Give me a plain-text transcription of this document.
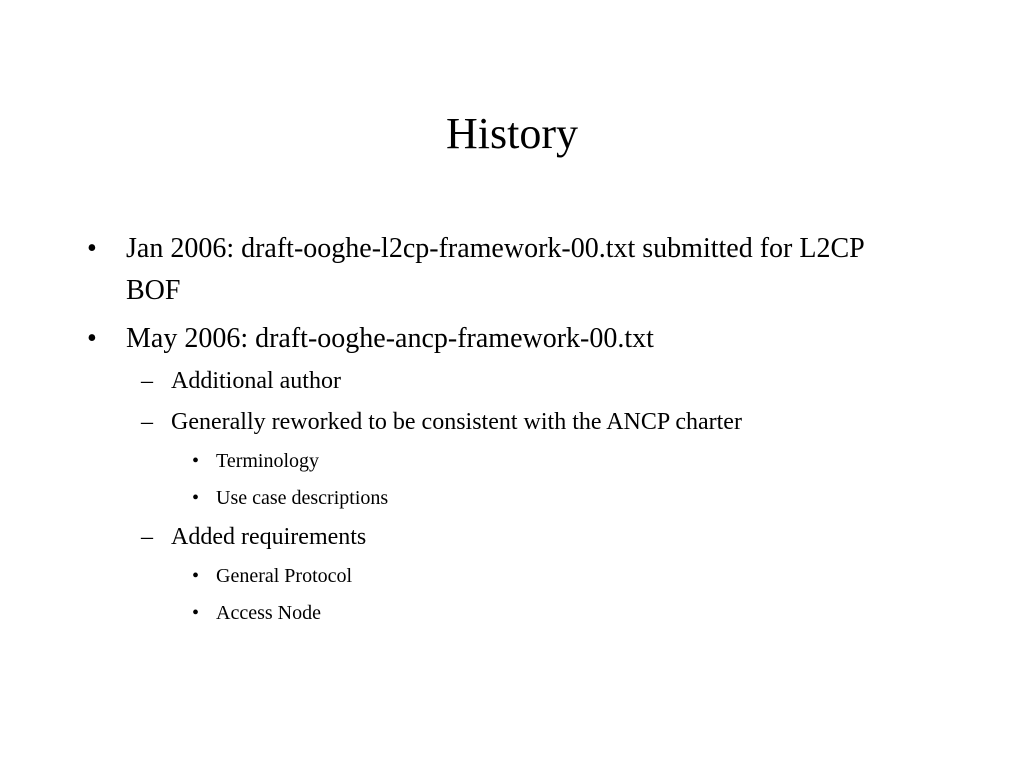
History
• Jan 2006: draft-ooghe-l2cp-framework-00.txt submitted for L2CP BOF
• May 2006: draft-ooghe-ancp-framework-00.txt
– Additional author
– Generally reworked to be consistent with the ANCP charter
• Terminology
• Use case descriptions
– Added requirements
• General Protocol
• Access Node
